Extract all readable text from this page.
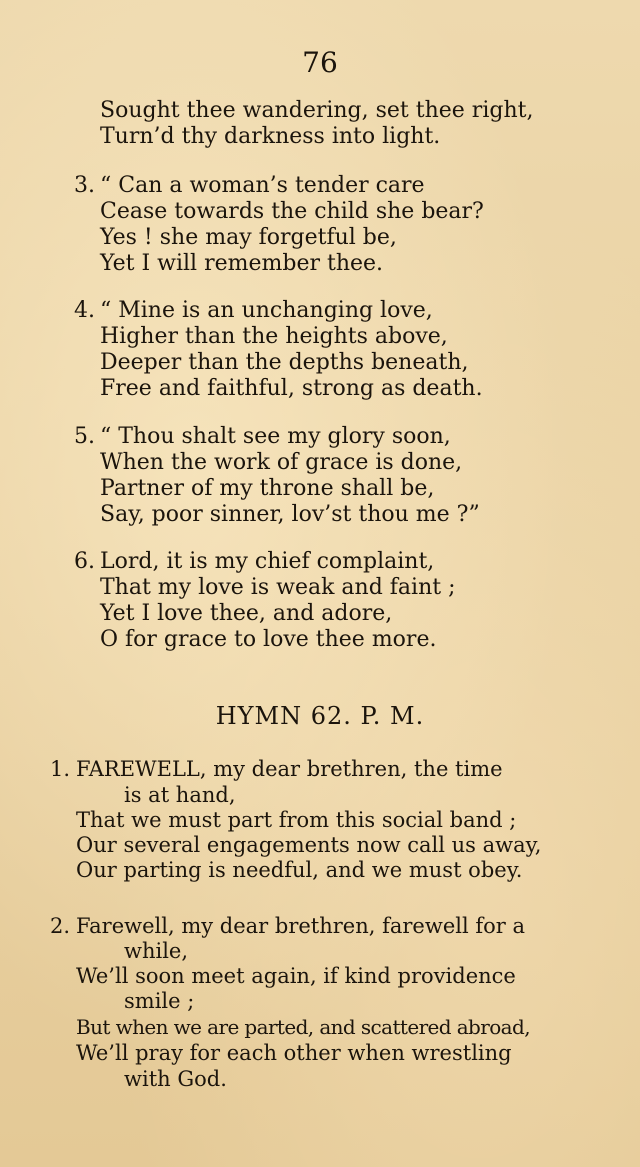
76
Sought thee wandering, set thee right,
Turn’d thy darkness into light.
3. “ Can a woman’s tender care
Cease towards the child she bear?
Yes ! she may forgetful be,
Yet I will remember thee.
4. “ Mine is an unchanging love,
Higher than the heights above,
Deeper than the depths beneath,
Free and faithful, strong as death.
5. “ Thou shalt see my glory soon,
When the work of grace is done,
Partner of my throne shall be,
Say, poor sinner, lov’st thou me ?”
6. Lord, it is my chief complaint,
That my love is weak and faint ;
Yet I love thee, and adore,
O for grace to love thee more.
HYMN 62. P. M.
1. FAREWELL, my dear brethren, the time
is at hand,
That we must part from this social band ;
Our several engagements now call us away,
Our parting is needful, and we must obey.
2. Farewell, my dear brethren, farewell for a
while,
We’ll soon meet again, if kind providence
smile ;
But when we are parted, and scattered abroad,
We’ll pray for each other when wrestling
with God.
